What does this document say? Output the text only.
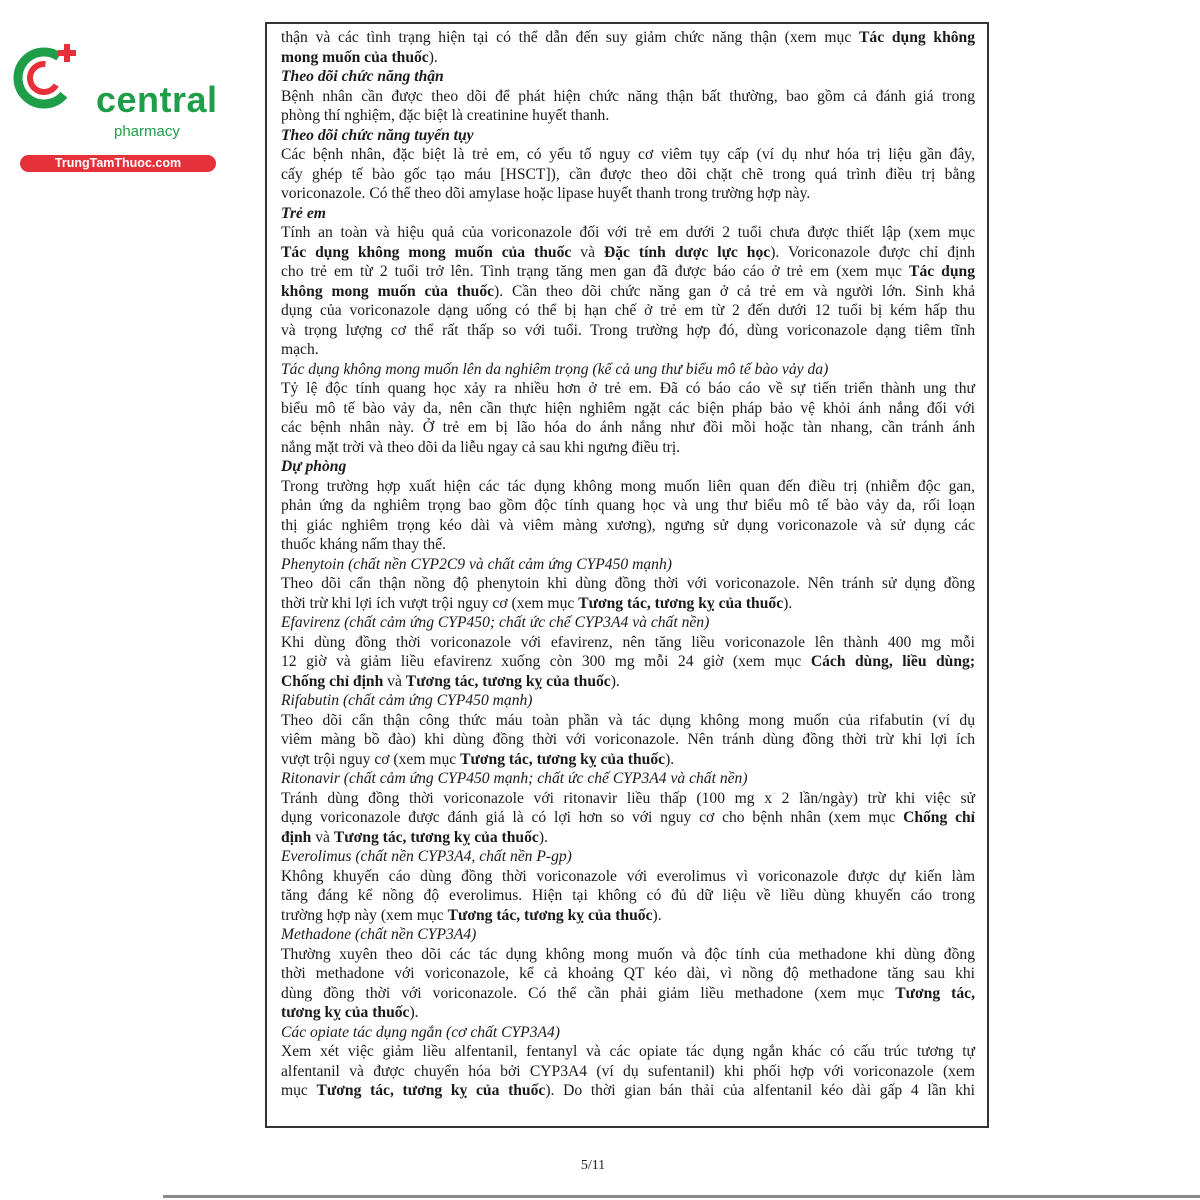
central
pharmacy
TrungTamThuoc.com
thận và các tình trạng hiện tại có thể dẫn đến suy giảm chức năng thận (xem mục Tác dụng không
mong muốn của thuốc).
Theo dõi chức năng thận
Bệnh nhân cần được theo dõi để phát hiện chức năng thận bất thường, bao gồm cả đánh giá trong
phòng thí nghiệm, đặc biệt là creatinine huyết thanh.
Theo dõi chức năng tuyến tụy
Các bệnh nhân, đặc biệt là trẻ em, có yếu tố nguy cơ viêm tụy cấp (ví dụ như hóa trị liệu gần đây,
cấy ghép tế bào gốc tạo máu [HSCT]), cần được theo dõi chặt chẽ trong quá trình điều trị bằng
voriconazole. Có thể theo dõi amylase hoặc lipase huyết thanh trong trường hợp này.
Trẻ em
Tính an toàn và hiệu quả của voriconazole đối với trẻ em dưới 2 tuổi chưa được thiết lập (xem mục
Tác dụng không mong muốn của thuốc và Đặc tính dược lực học). Voriconazole được chỉ định
cho trẻ em từ 2 tuổi trở lên. Tình trạng tăng men gan đã được báo cáo ở trẻ em (xem mục Tác dụng
không mong muốn của thuốc). Cần theo dõi chức năng gan ở cả trẻ em và người lớn. Sinh khả
dụng của voriconazole dạng uống có thể bị hạn chế ở trẻ em từ 2 đến dưới 12 tuổi bị kém hấp thu
và trọng lượng cơ thể rất thấp so với tuổi. Trong trường hợp đó, dùng voriconazole dạng tiêm tĩnh
mạch.
Tác dụng không mong muốn lên da nghiêm trọng (kể cả ung thư biểu mô tế bào vảy da)
Tỷ lệ độc tính quang học xảy ra nhiều hơn ở trẻ em. Đã có báo cáo về sự tiến triển thành ung thư
biểu mô tế bào vảy da, nên cần thực hiện nghiêm ngặt các biện pháp bảo vệ khỏi ánh nắng đối với
các bệnh nhân này. Ở trẻ em bị lão hóa do ánh nắng như đồi mồi hoặc tàn nhang, cần tránh ánh
nắng mặt trời và theo dõi da liễu ngay cả sau khi ngưng điều trị.
Dự phòng
Trong trường hợp xuất hiện các tác dụng không mong muốn liên quan đến điều trị (nhiễm độc gan,
phản ứng da nghiêm trọng bao gồm độc tính quang học và ung thư biểu mô tế bào vảy da, rối loạn
thị giác nghiêm trọng kéo dài và viêm màng xương), ngưng sử dụng voriconazole và sử dụng các
thuốc kháng nấm thay thế.
Phenytoin (chất nền CYP2C9 và chất cảm ứng CYP450 mạnh)
Theo dõi cẩn thận nồng độ phenytoin khi dùng đồng thời với voriconazole. Nên tránh sử dụng đồng
thời trừ khi lợi ích vượt trội nguy cơ (xem mục Tương tác, tương kỵ của thuốc).
Efavirenz (chất cảm ứng CYP450; chất ức chế CYP3A4 và chất nền)
Khi dùng đồng thời voriconazole với efavirenz, nên tăng liều voriconazole lên thành 400 mg mỗi
12 giờ và giảm liều efavirenz xuống còn 300 mg mỗi 24 giờ (xem mục Cách dùng, liều dùng;
Chống chỉ định và Tương tác, tương kỵ của thuốc).
Rifabutin (chất cảm ứng CYP450 mạnh)
Theo dõi cẩn thận công thức máu toàn phần và tác dụng không mong muốn của rifabutin (ví dụ
viêm màng bồ đào) khi dùng đồng thời với voriconazole. Nên tránh dùng đồng thời trừ khi lợi ích
vượt trội nguy cơ (xem mục Tương tác, tương kỵ của thuốc).
Ritonavir (chất cảm ứng CYP450 mạnh; chất ức chế CYP3A4 và chất nền)
Tránh dùng đồng thời voriconazole với ritonavir liều thấp (100 mg x 2 lần/ngày) trừ khi việc sử
dụng voriconazole được đánh giá là có lợi hơn so với nguy cơ cho bệnh nhân (xem mục Chống chỉ
định và Tương tác, tương kỵ của thuốc).
Everolimus (chất nền CYP3A4, chất nền P-gp)
Không khuyến cáo dùng đồng thời voriconazole với everolimus vì voriconazole được dự kiến làm
tăng đáng kể nồng độ everolimus. Hiện tại không có đủ dữ liệu về liều dùng khuyến cáo trong
trường hợp này (xem mục Tương tác, tương kỵ của thuốc).
Methadone (chất nền CYP3A4)
Thường xuyên theo dõi các tác dụng không mong muốn và độc tính của methadone khi dùng đồng
thời methadone với voriconazole, kể cả khoảng QT kéo dài, vì nồng độ methadone tăng sau khi
dùng đồng thời với voriconazole. Có thể cần phải giảm liều methadone (xem mục Tương tác,
tương kỵ của thuốc).
Các opiate tác dụng ngắn (cơ chất CYP3A4)
Xem xét việc giảm liều alfentanil, fentanyl và các opiate tác dụng ngắn khác có cấu trúc tương tự
alfentanil và được chuyển hóa bởi CYP3A4 (ví dụ sufentanil) khi phối hợp với voriconazole (xem
mục Tương tác, tương kỵ của thuốc). Do thời gian bán thải của alfentanil kéo dài gấp 4 lần khi
5/11
